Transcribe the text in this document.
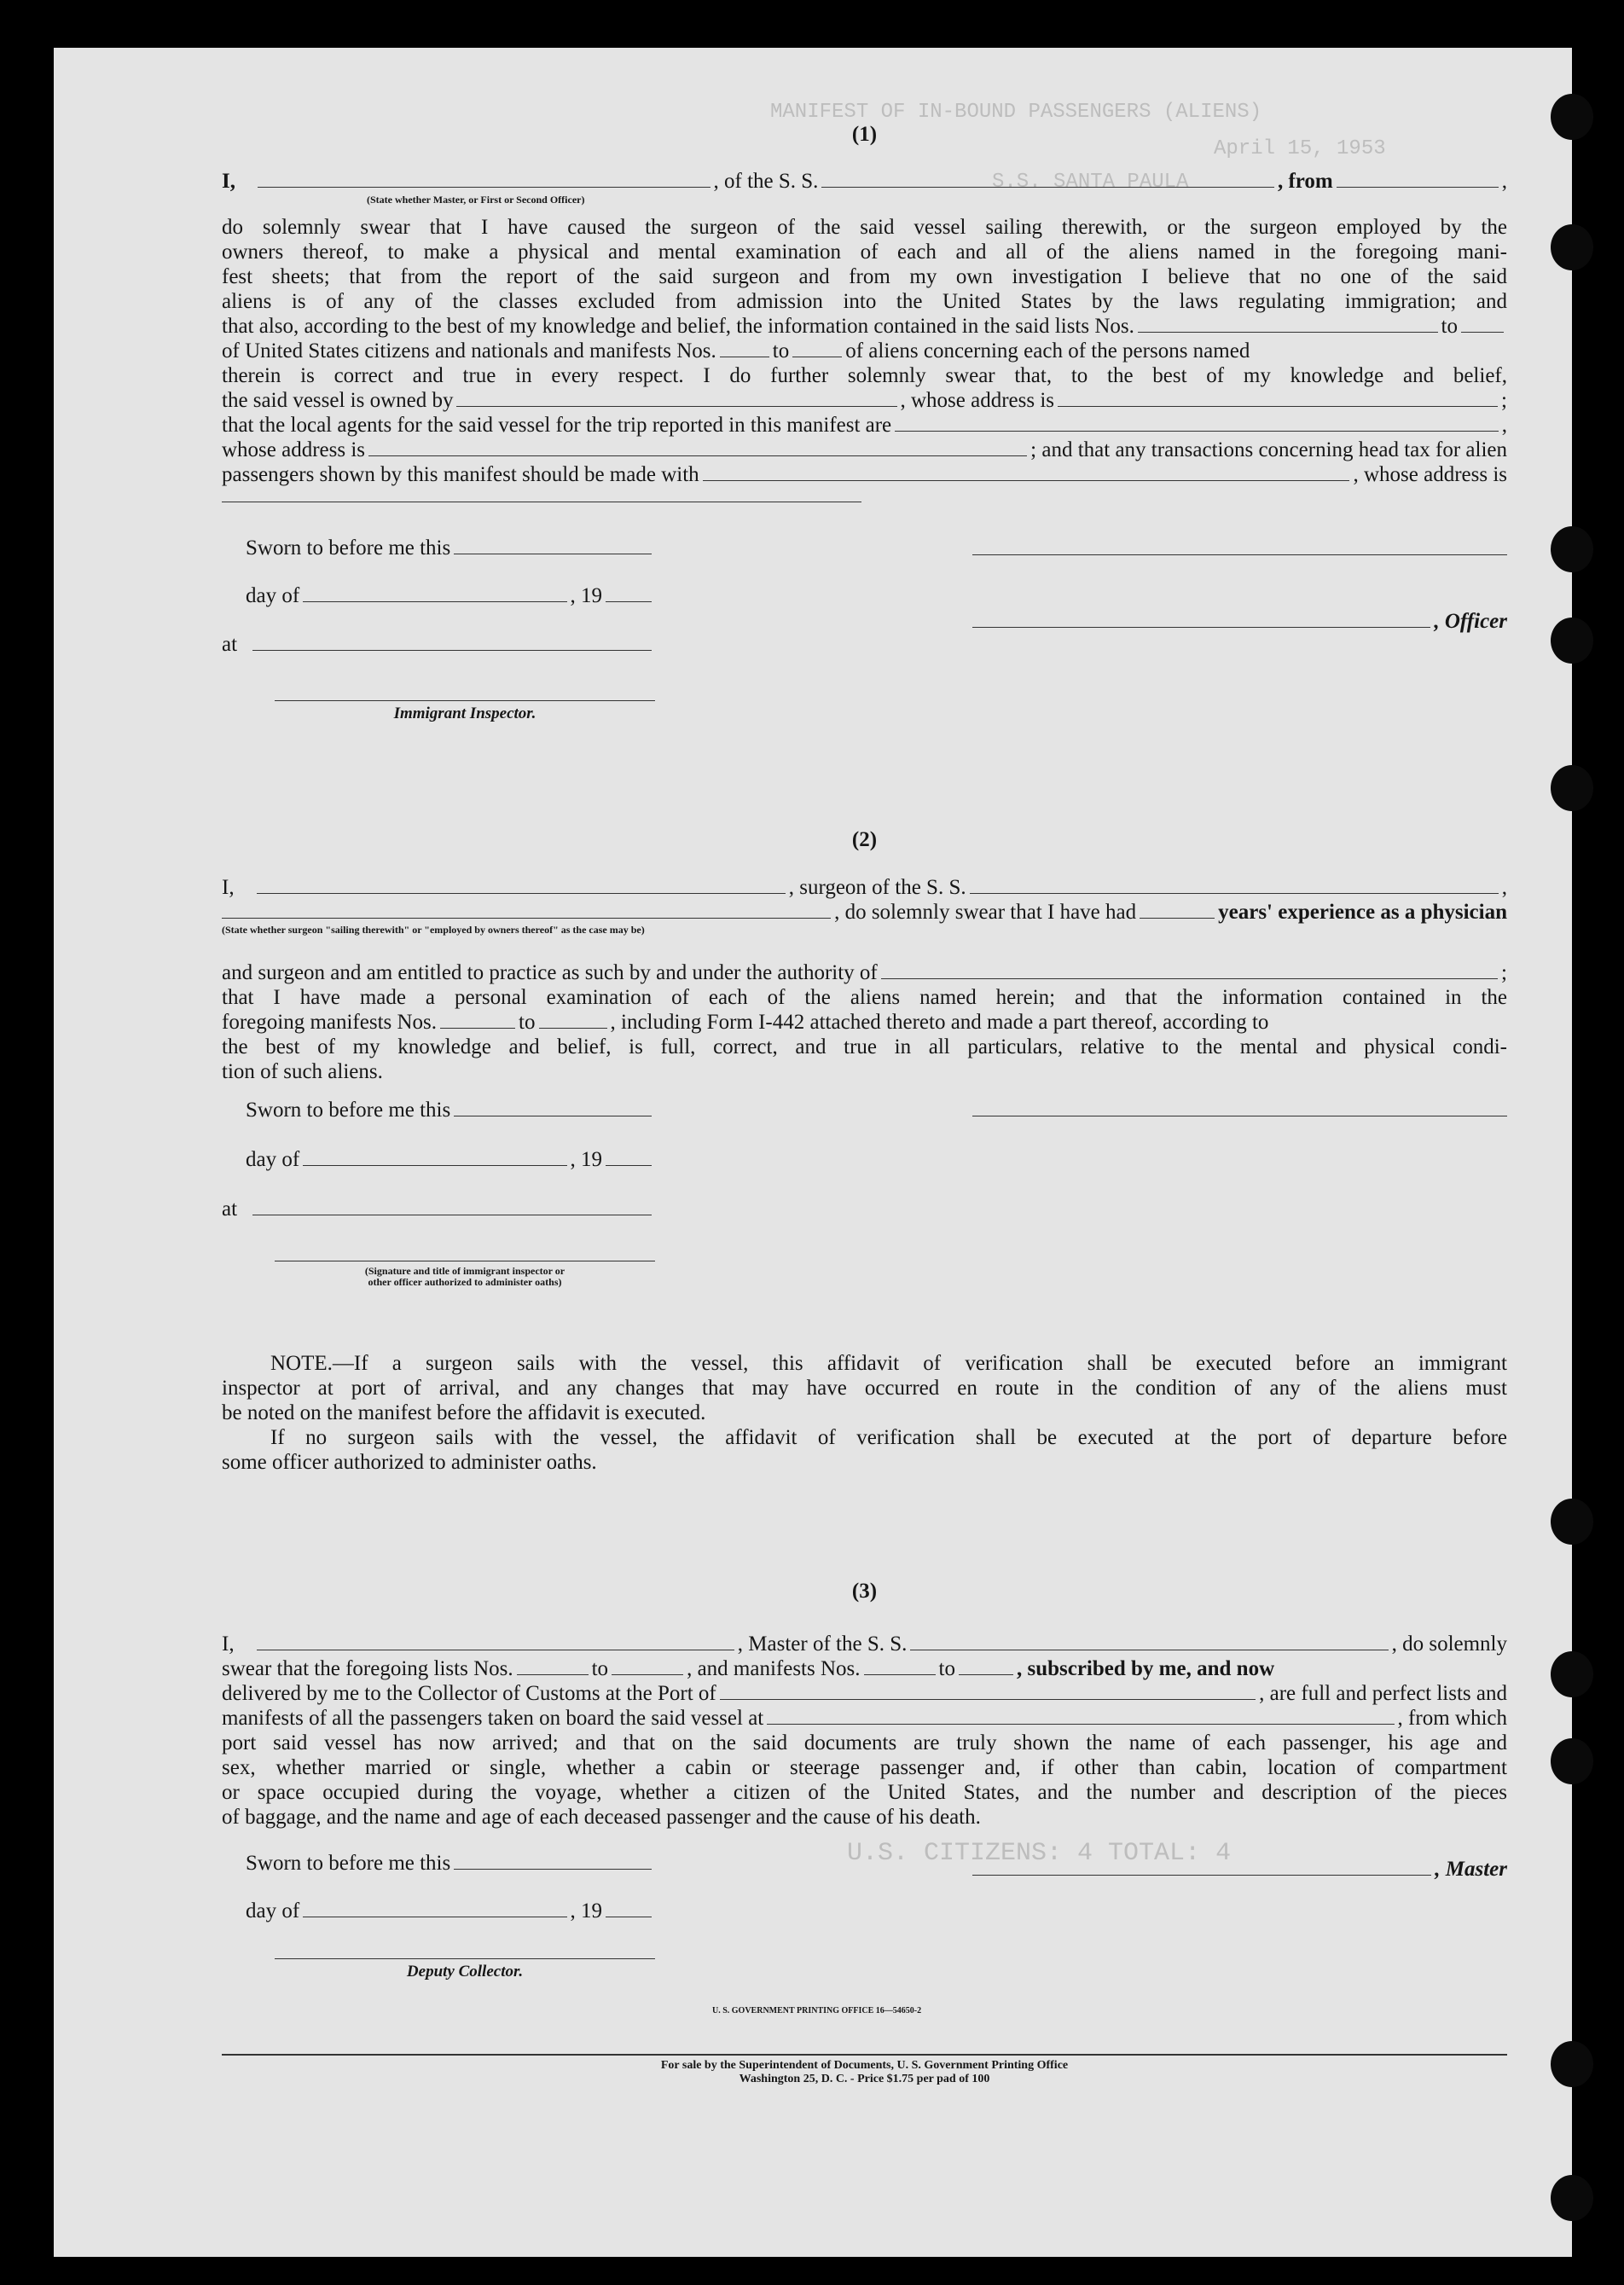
MANIFEST OF IN-BOUND PASSENGERS (ALIENS)
S.S. SANTA PAULA
April 15, 1953
U.S. CITIZENS: 4 TOTAL: 4
(1)
I,	, of the S. S.	, from	,
(State whether Master, or First or Second Officer)
do solemnly swear that I have caused the surgeon of the said vessel sailing therewith, or the surgeon employed by the
owners thereof, to make a physical and mental examination of each and all of the aliens named in the foregoing mani-
fest sheets; that from the report of the said surgeon and from my own investigation I believe that no one of the said
aliens is of any of the classes excluded from admission into the United States by the laws regulating immigration; and
that also, according to the best of my knowledge and belief, the information contained in the said lists Nos.	to
of United States citizens and nationals and manifests Nos.	to	of aliens concerning each of the persons named
therein is correct and true in every respect. I do further solemnly swear that, to the best of my knowledge and belief,
the said vessel is owned by	, whose address is	;
that the local agents for the said vessel for the trip reported in this manifest are	,
whose address is	; and that any transactions concerning head tax for alien
passengers shown by this manifest should be made with	, whose address is
Sworn to before me this
day of	, 19
at
Immigrant Inspector.
, Officer
(2)
I,	, surgeon of the S. S.	,
, do solemnly swear that I have had	years' experience as a physician
(State whether surgeon "sailing therewith" or "employed by owners thereof" as the case may be)
and surgeon and am entitled to practice as such by and under the authority of	;
that I have made a personal examination of each of the aliens named herein; and that the information contained in the
foregoing manifests Nos.	to	, including Form I-442 attached thereto and made a part thereof, according to
the best of my knowledge and belief, is full, correct, and true in all particulars, relative to the mental and physical condi-
tion of such aliens.
Sworn to before me this
day of	, 19
at
(Signature and title of immigrant inspector or
other officer authorized to administer oaths)
NOTE.—If a surgeon sails with the vessel, this affidavit of verification shall be executed before an immigrant
inspector at port of arrival, and any changes that may have occurred en route in the condition of any of the aliens must
be noted on the manifest before the affidavit is executed.
If no surgeon sails with the vessel, the affidavit of verification shall be executed at the port of departure before
some officer authorized to administer oaths.
(3)
I,	, Master of the S. S.	, do solemnly
swear that the foregoing lists Nos.	to	, and manifests Nos.	to	, subscribed by me, and now
delivered by me to the Collector of Customs at the Port of	, are full and perfect lists and
manifests of all the passengers taken on board the said vessel at	, from which
port said vessel has now arrived; and that on the said documents are truly shown the name of each passenger, his age and
sex, whether married or single, whether a cabin or steerage passenger and, if other than cabin, location of compartment
or space occupied during the voyage, whether a citizen of the United States, and the number and description of the pieces
of baggage, and the name and age of each deceased passenger and the cause of his death.
Sworn to before me this	, Master
day of	, 19
Deputy Collector.
U. S. GOVERNMENT PRINTING OFFICE 16—54650-2
For sale by the Superintendent of Documents, U. S. Government Printing Office
Washington 25, D. C. - Price $1.75 per pad of 100
